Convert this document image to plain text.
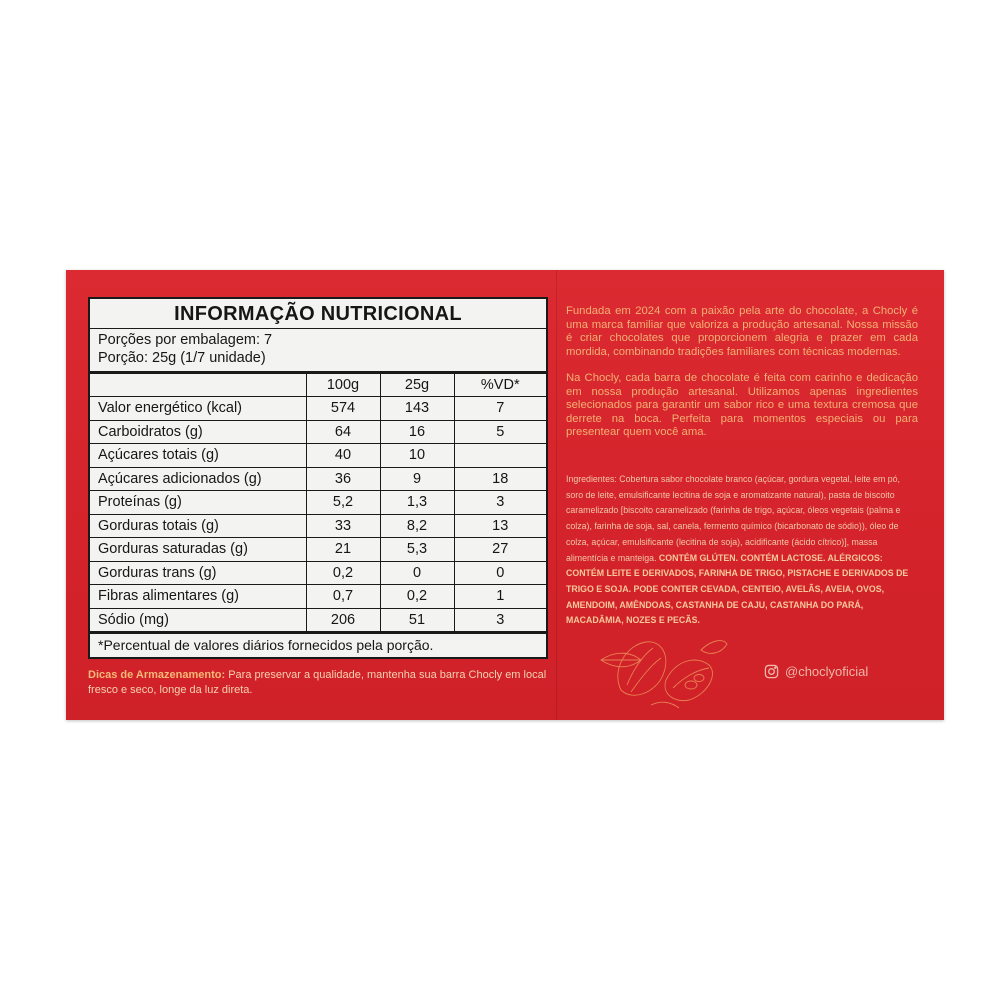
INFORMAÇÃO NUTRICIONAL
Porções por embalagem: 7
Porção: 25g (1/7 unidade)
	100g	25g	%VD*
Valor energético (kcal)	574	143	7
Carboidratos (g)	64	16	5
Açúcares totais (g)	40	10	
Açúcares adicionados (g)	36	9	18
Proteínas (g)	5,2	1,3	3
Gorduras totais (g)	33	8,2	13
Gorduras saturadas (g)	21	5,3	27
Gorduras trans (g)	0,2	0	0
Fibras alimentares (g)	0,7	0,2	1
Sódio (mg)	206	51	3
*Percentual de valores diários fornecidos pela porção.
Dicas de Armazenamento: Para preservar a qualidade, mantenha sua barra Chocly em local fresco e seco, longe da luz direta.

Fundada em 2024 com a paixão pela arte do chocolate, a Chocly é uma marca familiar que valoriza a produção artesanal. Nossa missão é criar chocolates que proporcionem alegria e prazer em cada mordida, combinando tradições familiares com técnicas modernas.

Na Chocly, cada barra de chocolate é feita com carinho e dedicação em nossa produção artesanal. Utilizamos apenas ingredientes selecionados para garantir um sabor rico e uma textura cremosa que derrete na boca. Perfeita para momentos especiais ou para presentear quem você ama.

Ingredientes: Cobertura sabor chocolate branco (açúcar, gordura vegetal, leite em pó, soro de leite, emulsificante lecitina de soja e aromatizante natural), pasta de biscoito caramelizado [biscoito caramelizado (farinha de trigo, açúcar, óleos vegetais (palma e colza), farinha de soja, sal, canela, fermento químico (bicarbonato de sódio)), óleo de colza, açúcar, emulsificante (lecitina de soja), acidificante (ácido cítrico)], massa alimentícia e manteiga. CONTÉM GLÚTEN. CONTÉM LACTOSE. ALÉRGICOS: CONTÉM LEITE E DERIVADOS, FARINHA DE TRIGO, PISTACHE E DERIVADOS DE TRIGO E SOJA. PODE CONTER CEVADA, CENTEIO, AVELÃS, AVEIA, OVOS, AMENDOIM, AMÊNDOAS, CASTANHA DE CAJU, CASTANHA DO PARÁ, MACADÂMIA, NOZES E PECÃS.
@choclyoficial
